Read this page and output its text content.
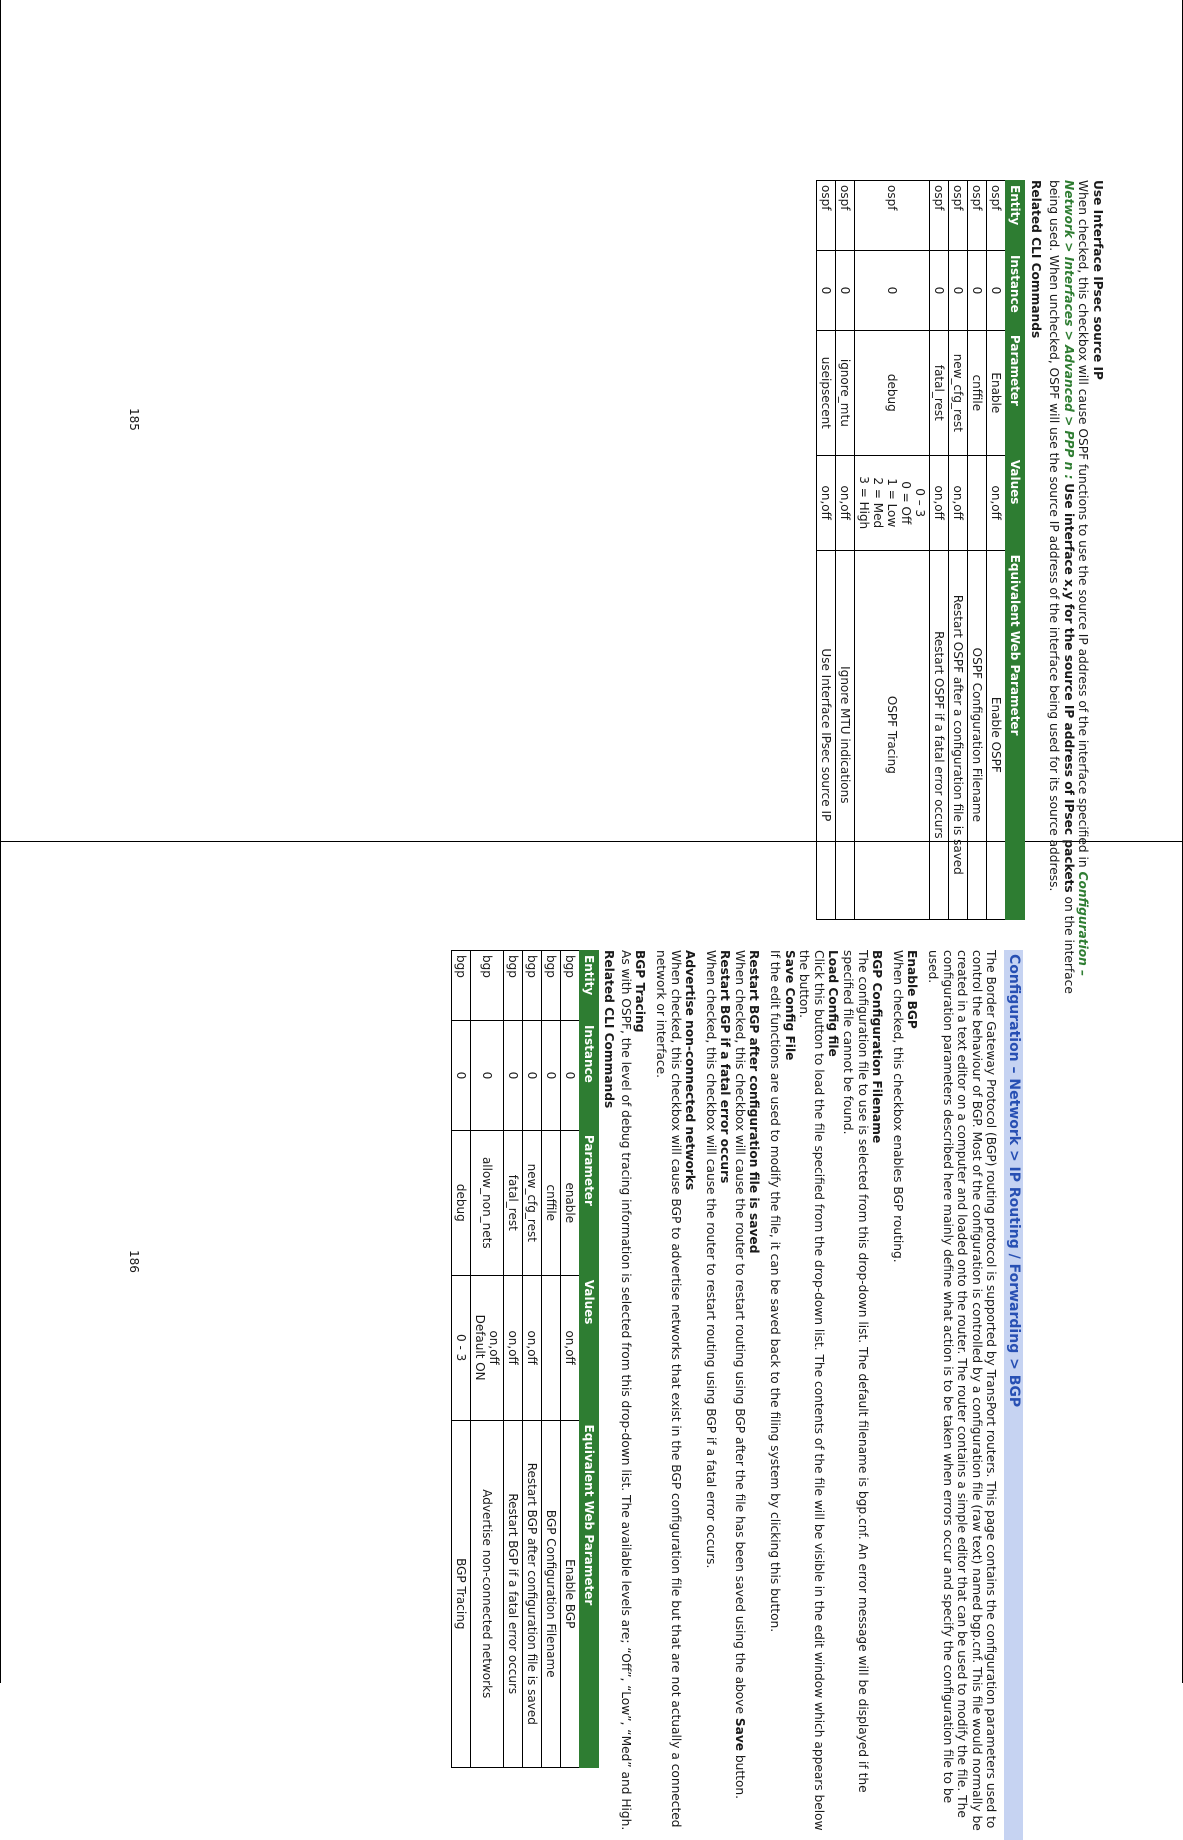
Use Interface IPsec source IP

When checked, this checkbox will cause OSPF functions to use the source IP address of the interface specified in Configuration – Network > Interfaces > Advanced > PPP n : Use interface x,y for the source IP address of IPsec packets on the interface being used. When unchecked, OSPF will use the source IP address of the interface being used for its source address.

Related CLI Commands

Entity	Instance	Parameter	Values	Equivalent Web Parameter
ospf	0	Enable	on,off	Enable OSPF
ospf	0	cnffile		OSPF Configuration Filename
ospf	0	new_cfg_rest	on,off	Restart OSPF after a configuration file is saved
ospf	0	fatal_rest	on,off	Restart OSPF if a fatal error occurs
ospf	0	debug	0 – 3
0 = Off
1 = Low
2 = Med
3 = High	OSPF Tracing
ospf	0	ignore_mtu	on,off	Ignore MTU indications
ospf	0	useipsecent	on,off	Use Interface IPsec source IP
185
Configuration – Network > IP Routing / Forwarding > BGP

The Border Gateway Protocol (BGP) routing protocol is supported by TransPort routers. This page contains the configuration parameters used to control the behaviour of BGP. Most of the configuration is controlled by a configuration file (raw text) named bgp.cnf. This file would normally be created in a text editor on a computer and loaded onto the router. The router contains a simple editor that can be used to modify the file. The configuration parameters described here mainly define what action is to be taken when errors occur and specify the configuration file to be used.

Enable BGP

When checked, this checkbox enables BGP routing.

BGP Configuration Filename

The configuration file to use is selected from this drop-down list. The default filename is bgp.cnf. An error message will be displayed if the specified file cannot be found.

Load Config file

Click this button to load the file specified from the drop-down list. The contents of the file will be visible in the edit window which appears below the button.

Save Config File

If the edit functions are used to modify the file, it can be saved back to the filing system by clicking this button.

Restart BGP after configuration file is saved

When checked, this checkbox will cause the router to restart routing using BGP after the file has been saved using the above Save button.

Restart BGP if a fatal error occurs

When checked, this checkbox will cause the router to restart routing using BGP if a fatal error occurs.

Advertise non-connected networks

When checked, this checkbox will cause BGP to advertise networks that exist in the BGP configuration file but that are not actually a connected network or interface.

BGP Tracing

As with OSPF, the level of debug tracing information is selected from this drop-down list. The available levels are; “Off”, “Low”, “Med” and High.

Related CLI Commands

Entity	Instance	Parameter	Values	Equivalent Web Parameter
bgp	0	enable	on,off	Enable BGP
bgp	0	cnffile		BGP Configuration Filename
bgp	0	new_cfg_rest	on,off	Restart BGP after configuration file is saved
bgp	0	fatal_rest	on,off	Restart BGP if a fatal error occurs
bgp	0	allow_non_nets	on,off
Default ON	Advertise non-connected networks
bgp	0	debug	0 - 3	BGP Tracing
186
